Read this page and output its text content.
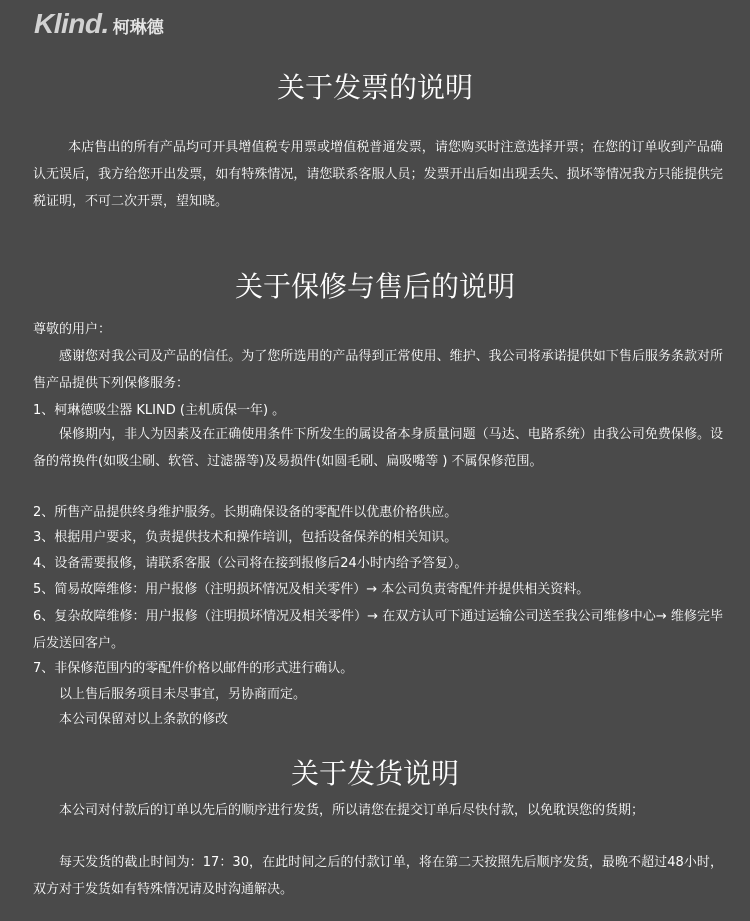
Klind. 柯琳德
关于发票的说明

本店售出的所有产品均可开具增值税专用票或增值税普通发票，请您购买时注意选择开票；在您的订单收到产品确认无误后，我方给您开出发票，如有特殊情况，请您联系客服人员；发票开出后如出现丢失、损坏等情况我方只能提供完税证明，不可二次开票，望知晓。

关于保修与售后的说明

尊敬的用户：

感谢您对我公司及产品的信任。为了您所选用的产品得到正常使用、维护、我公司将承诺提供如下售后服务条款对所售产品提供下列保修服务：

1、柯琳德吸尘器 KLIND (主机质保一年) 。

保修期内，非人为因素及在正确使用条件下所发生的属设备本身质量问题（马达、电路系统）由我公司免费保修。设备的常换件(如吸尘刷、软管、过滤器等)及易损件(如圆毛刷、扁吸嘴等 ) 不属保修范围。

2、所售产品提供终身维护服务。长期确保设备的零配件以优惠价格供应。

3、根据用户要求，负责提供技术和操作培训，包括设备保养的相关知识。

4、设备需要报修，请联系客服（公司将在接到报修后24小时内给予答复）。

5、简易故障维修：用户报修（注明损坏情况及相关零件）→ 本公司负责寄配件并提供相关资料。

6、复杂故障维修：用户报修（注明损坏情况及相关零件）→ 在双方认可下通过运输公司送至我公司维修中心→ 维修完毕后发送回客户。

7、非保修范围内的零配件价格以邮件的形式进行确认。

以上售后服务项目未尽事宜，另协商而定。

本公司保留对以上条款的修改

关于发货说明

本公司对付款后的订单以先后的顺序进行发货，所以请您在提交订单后尽快付款，以免耽误您的货期；

每天发货的截止时间为：17：30，在此时间之后的付款订单，将在第二天按照先后顺序发货，最晚不超过48小时，双方对于发货如有特殊情况请及时沟通解决。
